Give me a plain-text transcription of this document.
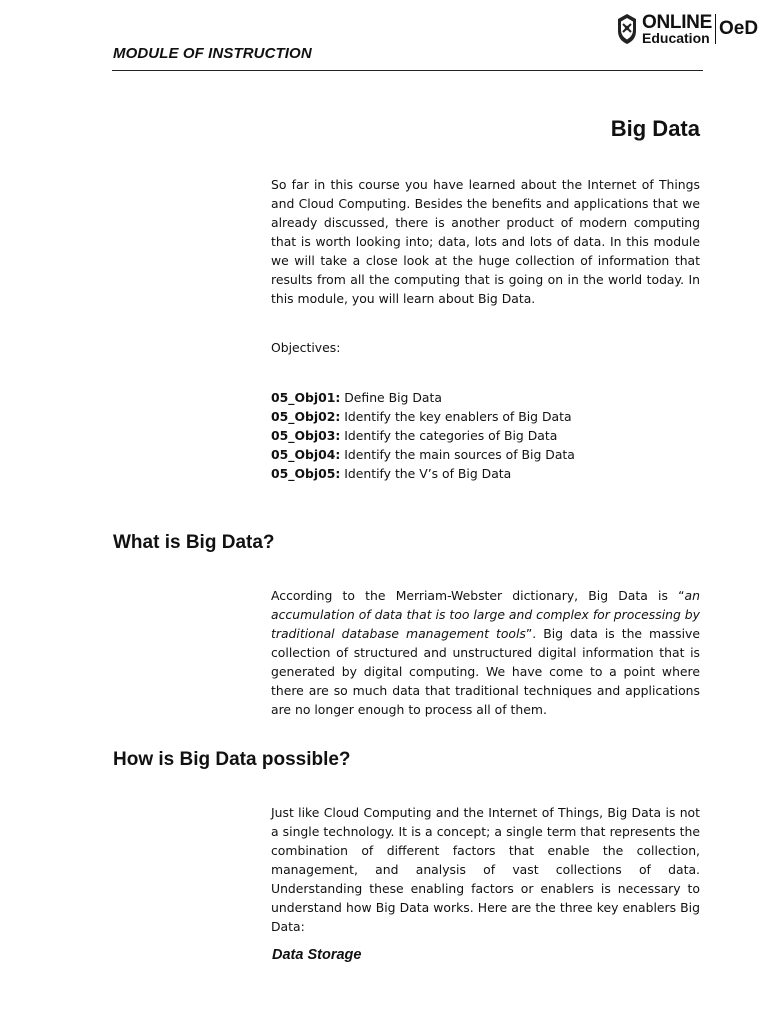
MODULE OF INSTRUCTION
ONLINE
Education OeD
Big Data
So far in this course you have learned about the Internet of Things and Cloud Computing. Besides the benefits and applications that we already discussed, there is another product of modern computing that is worth looking into; data, lots and lots of data. In this module we will take a close look at the huge collection of information that results from all the computing that is going on in the world today. In this module, you will learn about Big Data.
Objectives:
05_Obj01: Define Big Data
05_Obj02: Identify the key enablers of Big Data
05_Obj03: Identify the categories of Big Data
05_Obj04: Identify the main sources of Big Data
05_Obj05: Identify the V’s of Big Data
What is Big Data?
According to the Merriam-Webster dictionary, Big Data is “an accumulation of data that is too large and complex for processing by traditional database management tools”. Big data is the massive collection of structured and unstructured digital information that is generated by digital computing. We have come to a point where there are so much data that traditional techniques and applications are no longer enough to process all of them.
How is Big Data possible?
Just like Cloud Computing and the Internet of Things, Big Data is not a single technology. It is a concept; a single term that represents the combination of different factors that enable the collection, management, and analysis of vast collections of data. Understanding these enabling factors or enablers is necessary to understand how Big Data works. Here are the three key enablers Big Data:
Data Storage
